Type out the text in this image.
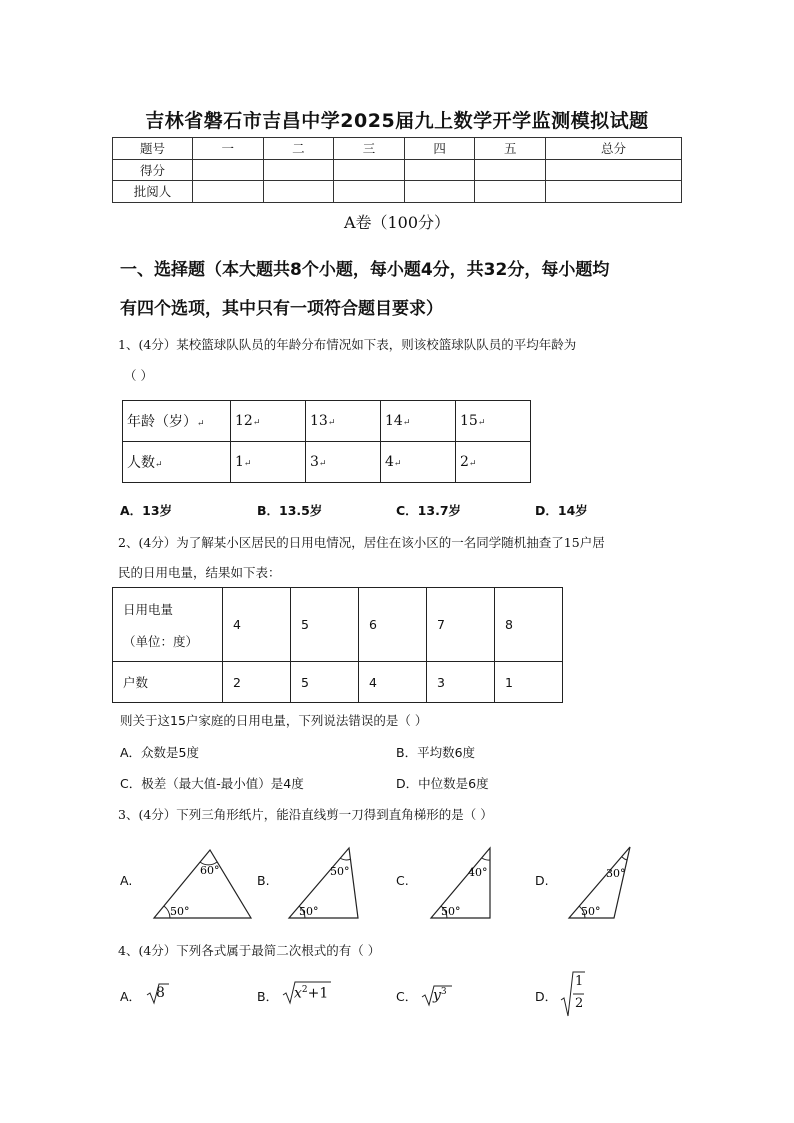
吉林省磐石市吉昌中学2025届九上数学开学监测模拟试题
题号	一	二	三	四	五	总分
得分						
批阅人						
A卷（100分）
一、选择题（本大题共8个小题，每小题4分，共32分，每小题均
有四个选项，其中只有一项符合题目要求）
1、(4分）某校篮球队队员的年龄分布情况如下表，则该校篮球队队员的平均年龄为
（ ）
年龄（岁）↵	12↵	13↵	14↵	15↵
人数↵	1↵	3↵	4↵	2↵
A．13岁	B．13.5岁	C．13.7岁	D．14岁
2、(4分）为了解某小区居民的日用电情况，居住在该小区的一名同学随机抽查了15户居
民的日用电量，结果如下表：
日用电量
（单位：度）	4	5	6	7	8
户数	2	5	4	3	1
则关于这15户家庭的日用电量，下列说法错误的是（ ）
A．众数是5度	B．平均数6度
C．极差（最大值-最小值）是4度	D．中位数是6度
3、(4分）下列三角形纸片，能沿直线剪一刀得到直角梯形的是（ ）
A.
60°
50°
B.
50°
50°
C.
40°
50°
D.	30°
50°
4、(4分）下列各式属于最简二次根式的有（ ）
A． 8	B． $x^2+1$	C． $y^3$	D．
1
2
